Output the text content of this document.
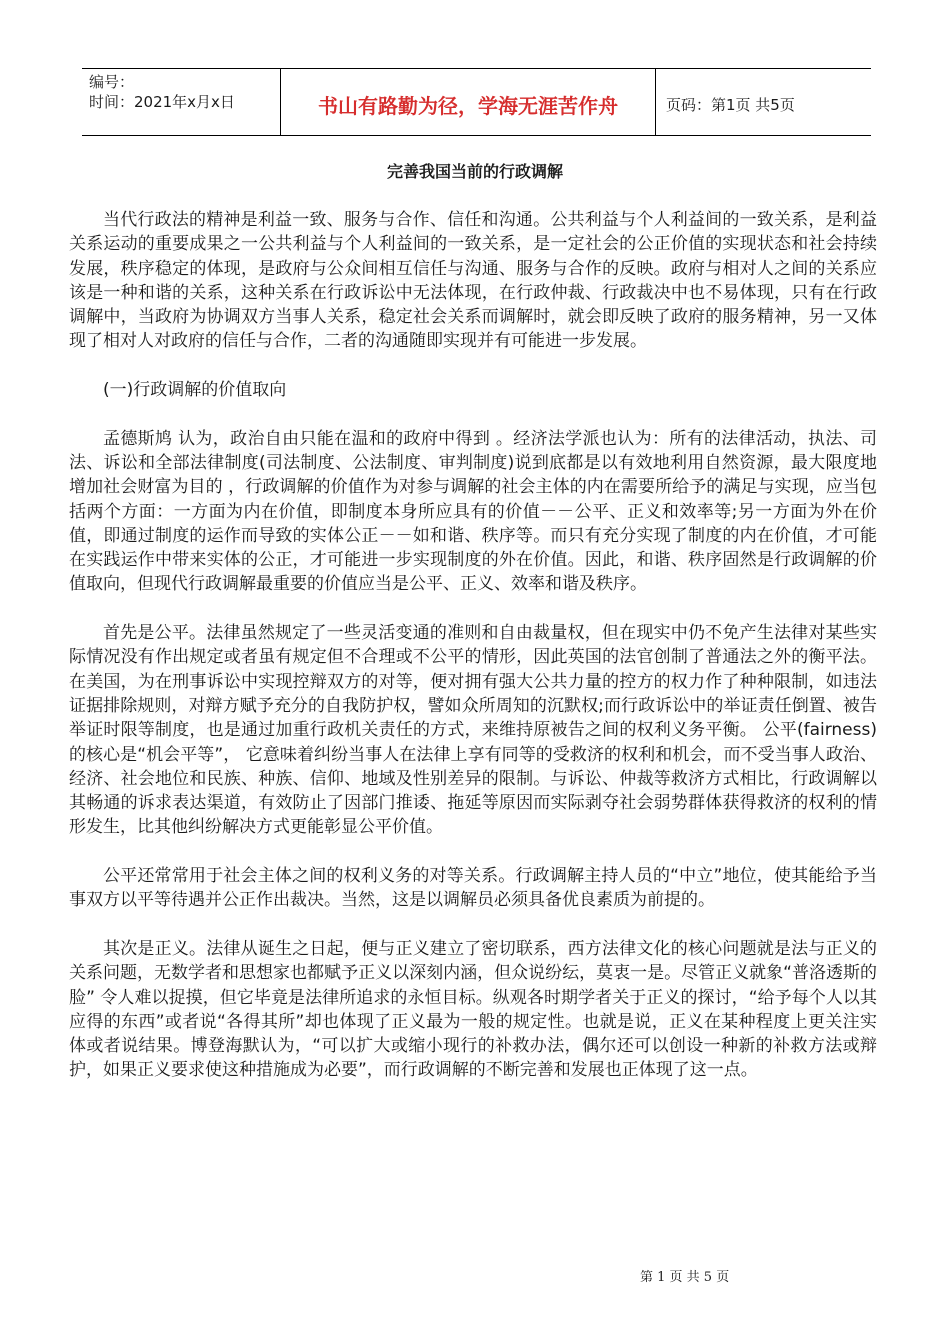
编号：
时间：2021年x月x日	书山有路勤为径，学海无涯苦作舟	页码：第1页 共5页
完善我国当前的行政调解

当代行政法的精神是利益一致、服务与合作、信任和沟通。公共利益与个人利益间的一致关系，是利益关系运动的重要成果之一公共利益与个人利益间的一致关系，是一定社会的公正价值的实现状态和社会持续发展，秩序稳定的体现，是政府与公众间相互信任与沟通、服务与合作的反映。政府与相对人之间的关系应该是一种和谐的关系，这种关系在行政诉讼中无法体现，在行政仲裁、行政裁决中也不易体现，只有在行政调解中，当政府为协调双方当事人关系，稳定社会关系而调解时，就会即反映了政府的服务精神，另一又体现了相对人对政府的信任与合作，二者的沟通随即实现并有可能进一步发展。

(一)行政调解的价值取向

孟德斯鸠 认为，政治自由只能在温和的政府中得到 。经济法学派也认为：所有的法律活动，执法、司法、诉讼和全部法律制度(司法制度、公法制度、审判制度)说到底都是以有效地利用自然资源，最大限度地增加社会财富为目的 ，行政调解的价值作为对参与调解的社会主体的内在需要所给予的满足与实现，应当包括两个方面：一方面为内在价值，即制度本身所应具有的价值－－公平、正义和效率等;另一方面为外在价值，即通过制度的运作而导致的实体公正－－如和谐、秩序等。而只有充分实现了制度的内在价值，才可能在实践运作中带来实体的公正，才可能进一步实现制度的外在价值。因此，和谐、秩序固然是行政调解的价值取向，但现代行政调解最重要的价值应当是公平、正义、效率和谐及秩序。

首先是公平。法律虽然规定了一些灵活变通的准则和自由裁量权，但在现实中仍不免产生法律对某些实际情况没有作出规定或者虽有规定但不合理或不公平的情形，因此英国的法官创制了普通法之外的衡平法。在美国，为在刑事诉讼中实现控辩双方的对等，便对拥有强大公共力量的控方的权力作了种种限制，如违法证据排除规则，对辩方赋予充分的自我防护权，譬如众所周知的沉默权;而行政诉讼中的举证责任倒置、被告举证时限等制度，也是通过加重行政机关责任的方式，来维持原被告之间的权利义务平衡。 公平(fairness)的核心是“机会平等”， 它意味着纠纷当事人在法律上享有同等的受救济的权利和机会，而不受当事人政治、经济、社会地位和民族、种族、信仰、地域及性别差异的限制。与诉讼、仲裁等救济方式相比，行政调解以其畅通的诉求表达渠道，有效防止了因部门推诿、拖延等原因而实际剥夺社会弱势群体获得救济的权利的情形发生，比其他纠纷解决方式更能彰显公平价值。

公平还常常用于社会主体之间的权利义务的对等关系。行政调解主持人员的“中立”地位，使其能给予当事双方以平等待遇并公正作出裁决。当然，这是以调解员必须具备优良素质为前提的。

其次是正义。法律从诞生之日起，便与正义建立了密切联系，西方法律文化的核心问题就是法与正义的关系问题，无数学者和思想家也都赋予正义以深刻内涵，但众说纷纭，莫衷一是。尽管正义就象“普洛透斯的脸” 令人难以捉摸，但它毕竟是法律所追求的永恒目标。纵观各时期学者关于正义的探讨，“给予每个人以其应得的东西”或者说“各得其所”却也体现了正义最为一般的规定性。也就是说，正义在某种程度上更关注实体或者说结果。博登海默认为，“可以扩大或缩小现行的补救办法，偶尔还可以创设一种新的补救方法或辩护，如果正义要求使这种措施成为必要”，而行政调解的不断完善和发展也正体现了这一点。

第 1 页 共 5 页
